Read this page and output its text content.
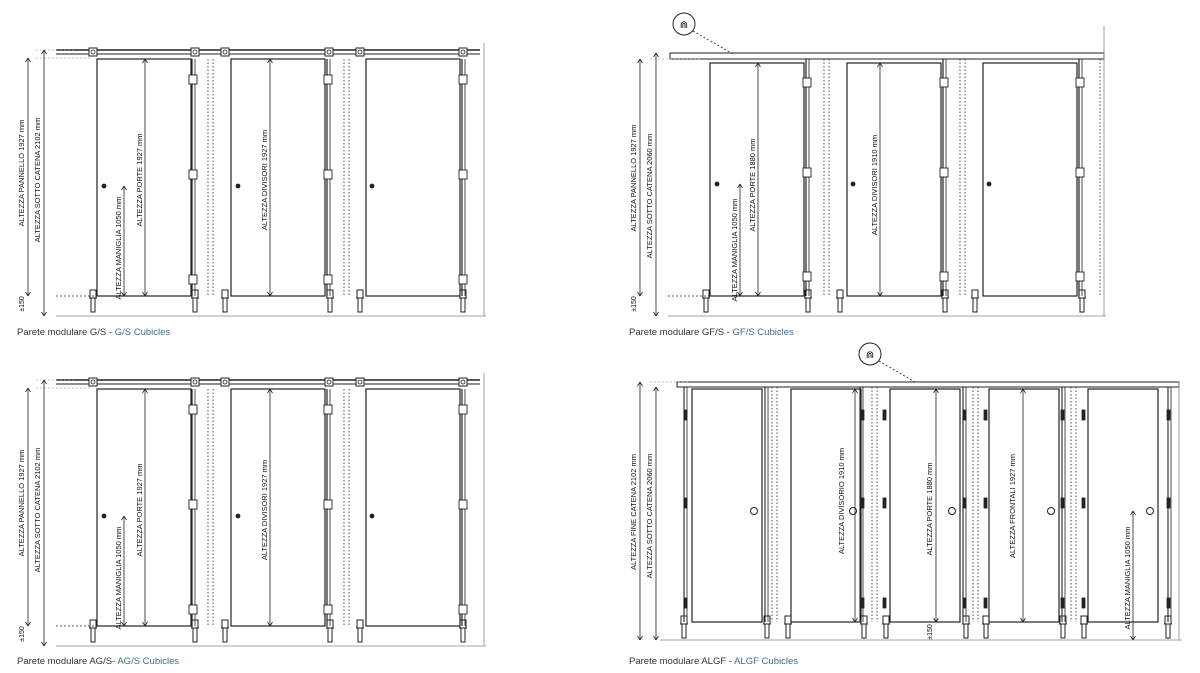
ALTEZZA PANNELLO 1927 mm ALTEZZA SOTTO CATENA 2102 mm
ALTEZZA MANIGLIA 1050 mm
ALTEZZA PORTE 1927 mm	ALTEZZA DIVISORI 1927 mm
±150
⋒
ALTEZZA PANNELLO 1927 mm ALTEZZA SOTTO CATENA 2060 mm	ALTEZZA MANIGLIA 1050 mm
ALTEZZA PORTE 1880 mm	ALTEZZA DIVISORI 1910 mm
±150
ALTEZZA PANNELLO 1927 mm ALTEZZA SOTTO CATENA 2102 mm
ALTEZZA MANIGLIA 1050 mm
ALTEZZA PORTE 1927 mm	ALTEZZA DIVISORI 1927 mm
±150
⋒
ALTEZZA FINE CATENA 2102 mm ALTEZZA SOTTO CATENA 2060 mm	ALTEZZA DIVISORIO 1910 mm	ALTEZZA PORTE 1880 mm	ALTEZZA FRONTALI 1927 mm
ALTEZZA MANIGLIA 1050 mm
±150
Parete modulare G/S - G/S Cubicles	Parete modulare GF/S - GF/S Cubicles
Parete modulare AG/S- AG/S Cubicles	Parete modulare ALGF - ALGF Cubicles
